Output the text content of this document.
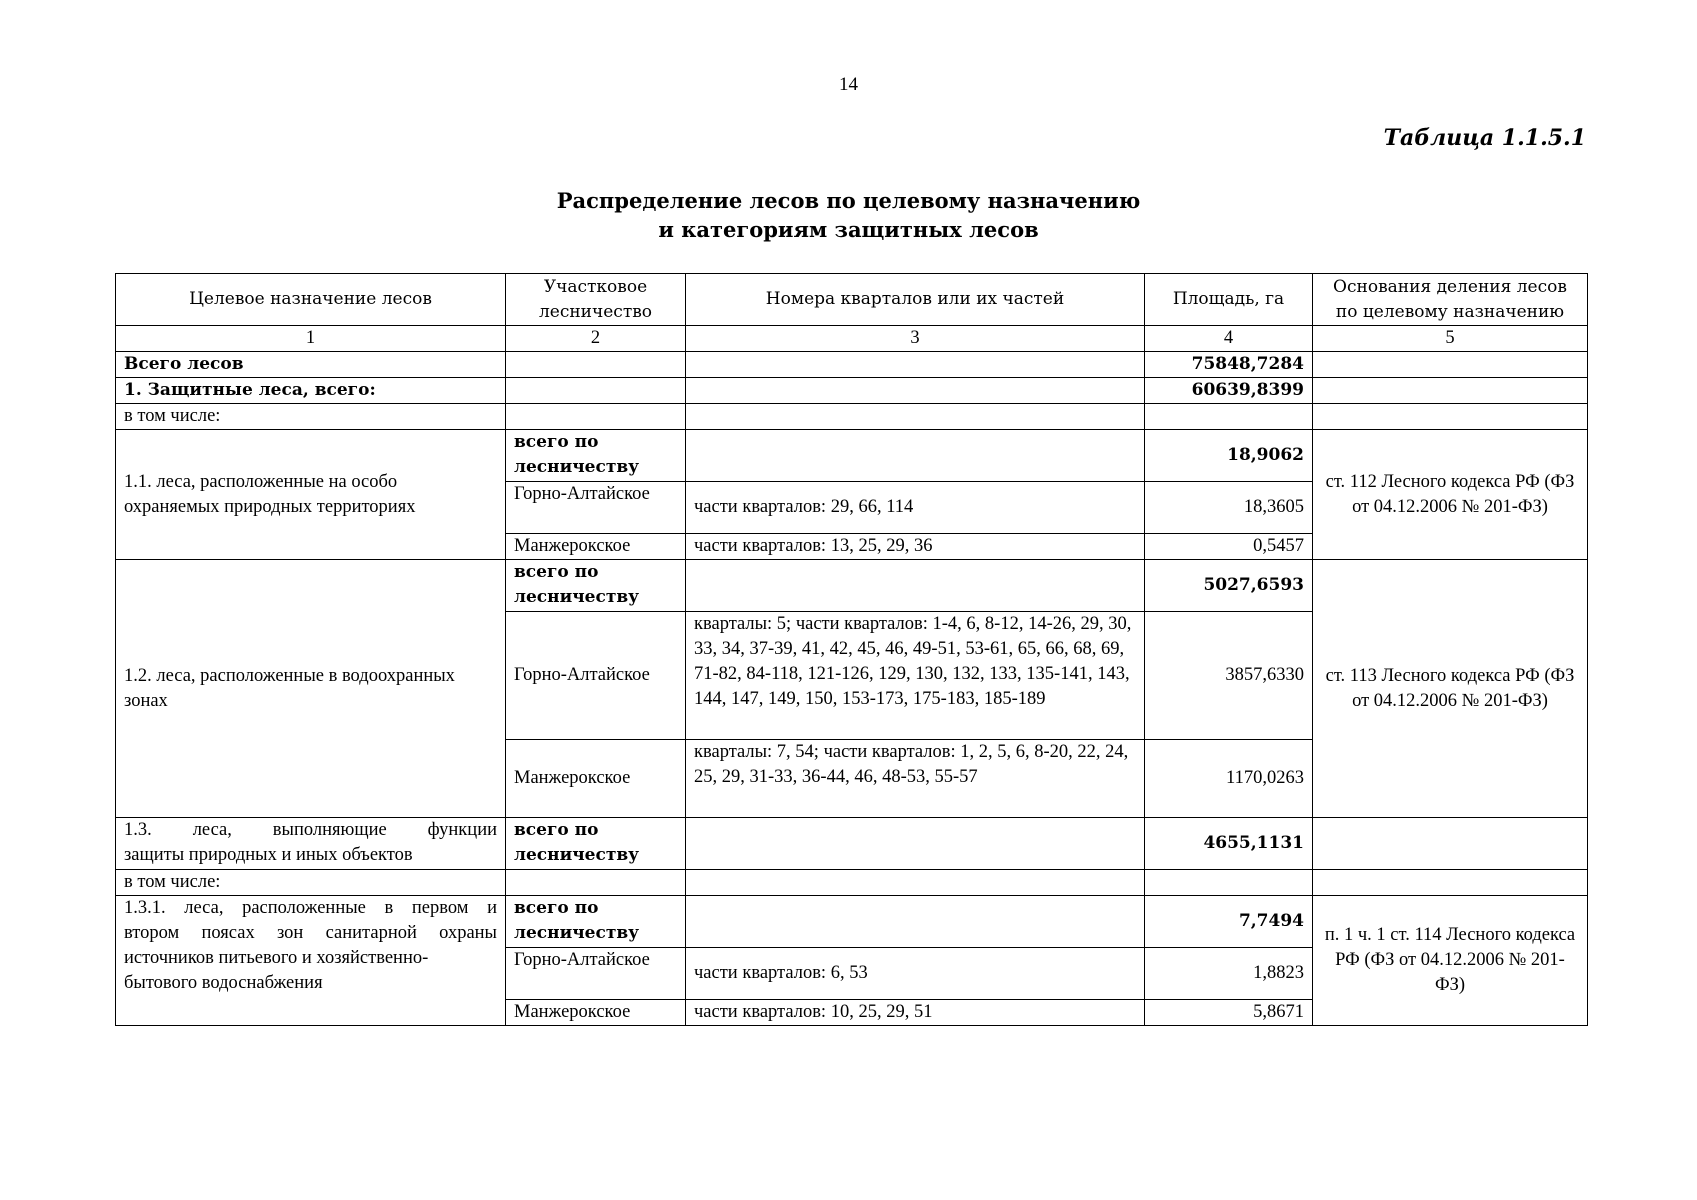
14
Таблица 1.1.5.1
Распределение лесов по целевому назначению
и категориям защитных лесов
Целевое назначение лесов	Участковое лесничество	Номера кварталов или их частей	Площадь, га	Основания деления лесов по целевому назначению
1	2	3	4	5
Всего лесов			75848,7284	
1. Защитные леса, всего:			60639,8399	
в том числе:				
1.1. леса, расположенные на особо охраняемых природных территориях	всего по лесничеству		18,9062	ст. 112 Лесного кодекса РФ (ФЗ от 04.12.2006 № 201-ФЗ)
	Горно-Алтайское	части кварталов: 29, 66, 114	18,3605	
	Манжерокское	части кварталов: 13, 25, 29, 36	0,5457	
1.2. леса, расположенные в водоохранных зонах	всего по лесничеству		5027,6593	ст. 113 Лесного кодекса РФ (ФЗ от 04.12.2006 № 201-ФЗ)
	Горно-Алтайское	кварталы: 5; части кварталов: 1-4, 6, 8-12, 14-26, 29, 30, 33, 34, 37-39, 41, 42, 45, 46, 49-51, 53-61, 65, 66, 68, 69, 71-82, 84-118, 121-126, 129, 130, 132, 133, 135-141, 143, 144, 147, 149, 150, 153-173, 175-183, 185-189	3857,6330	
	Манжерокское	кварталы: 7, 54; части кварталов: 1, 2, 5, 6, 8-20, 22, 24, 25, 29, 31-33, 36-44, 46, 48-53, 55-57	1170,0263	

1.3. леса, выполняющие функции
защиты природных и иных объектов	всего по лесничеству		4655,1131	
в том числе:				

1.3.1. леса, расположенные в первом и
втором поясах зон санитарной охраны
источников питьевого и хозяйственно-бытового водоснабжения	всего по лесничеству		7,7494	п. 1 ч. 1 ст. 114 Лесного кодекса РФ (ФЗ от 04.12.2006 № 201-ФЗ)
	Горно-Алтайское	части кварталов: 6, 53	1,8823	
	Манжерокское	части кварталов: 10, 25, 29, 51	5,8671	
